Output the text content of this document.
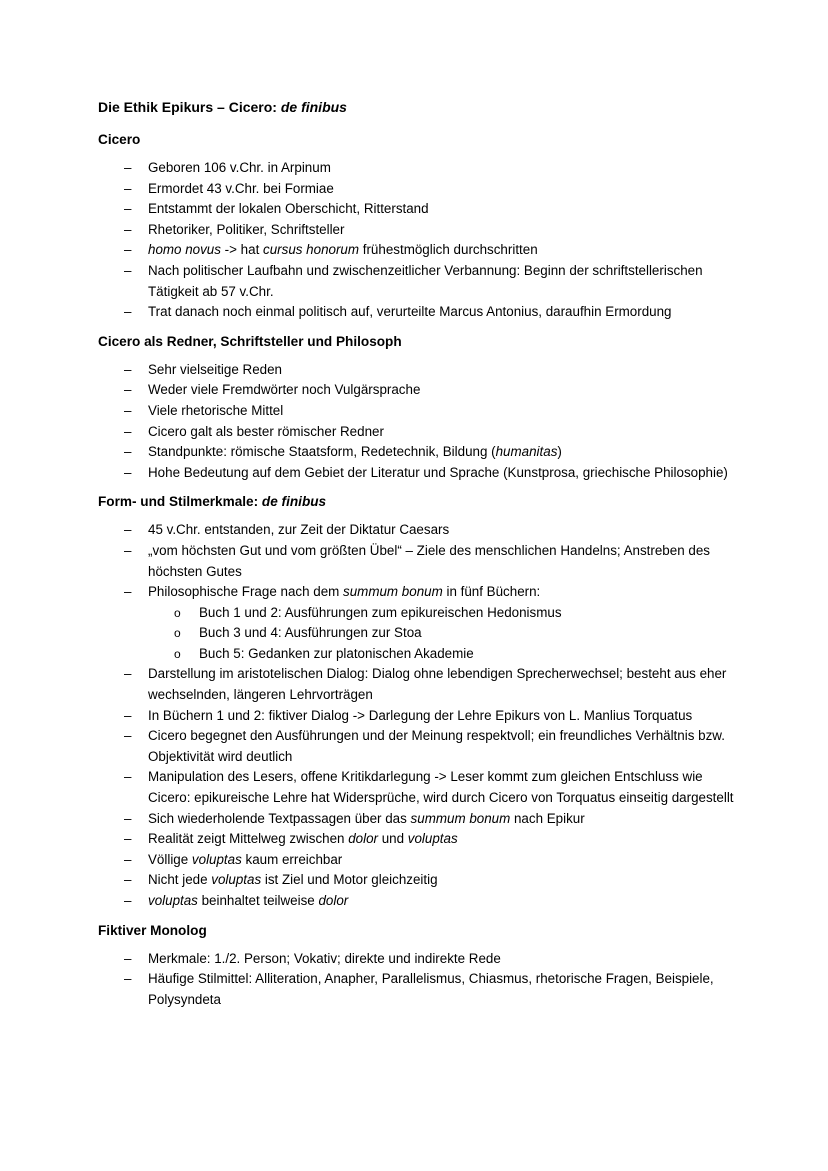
Die Ethik Epikurs – Cicero: de finibus
Cicero
– Geboren 106 v.Chr. in Arpinum
– Ermordet 43 v.Chr. bei Formiae
– Entstammt der lokalen Oberschicht, Ritterstand
– Rhetoriker, Politiker, Schriftsteller
– homo novus -> hat cursus honorum frühestmöglich durchschritten
– Nach politischer Laufbahn und zwischenzeitlicher Verbannung: Beginn der schriftstellerischen Tätigkeit ab 57 v.Chr.
– Trat danach noch einmal politisch auf, verurteilte Marcus Antonius, daraufhin Ermordung
Cicero als Redner, Schriftsteller und Philosoph
– Sehr vielseitige Reden
– Weder viele Fremdwörter noch Vulgärsprache
– Viele rhetorische Mittel
– Cicero galt als bester römischer Redner
– Standpunkte: römische Staatsform, Redetechnik, Bildung (humanitas)
– Hohe Bedeutung auf dem Gebiet der Literatur und Sprache (Kunstprosa, griechische Philosophie)
Form- und Stilmerkmale: de finibus
– 45 v.Chr. entstanden, zur Zeit der Diktatur Caesars
– „vom höchsten Gut und vom größten Übel“ – Ziele des menschlichen Handelns; Anstreben des höchsten Gutes
– Philosophische Frage nach dem summum bonum in fünf Büchern:
o Buch 1 und 2: Ausführungen zum epikureischen Hedonismus
o Buch 3 und 4: Ausführungen zur Stoa
o Buch 5: Gedanken zur platonischen Akademie
– Darstellung im aristotelischen Dialog: Dialog ohne lebendigen Sprecherwechsel; besteht aus eher wechselnden, längeren Lehrvorträgen
– In Büchern 1 und 2: fiktiver Dialog -> Darlegung der Lehre Epikurs von L. Manlius Torquatus
– Cicero begegnet den Ausführungen und der Meinung respektvoll; ein freundliches Verhältnis bzw. Objektivität wird deutlich
– Manipulation des Lesers, offene Kritikdarlegung -> Leser kommt zum gleichen Entschluss wie Cicero: epikureische Lehre hat Widersprüche, wird durch Cicero von Torquatus einseitig dargestellt
– Sich wiederholende Textpassagen über das summum bonum nach Epikur
– Realität zeigt Mittelweg zwischen dolor und voluptas
– Völlige voluptas kaum erreichbar
– Nicht jede voluptas ist Ziel und Motor gleichzeitig
– voluptas beinhaltet teilweise dolor
Fiktiver Monolog
– Merkmale: 1./2. Person; Vokativ; direkte und indirekte Rede
– Häufige Stilmittel: Alliteration, Anapher, Parallelismus, Chiasmus, rhetorische Fragen, Beispiele, Polysyndeta
